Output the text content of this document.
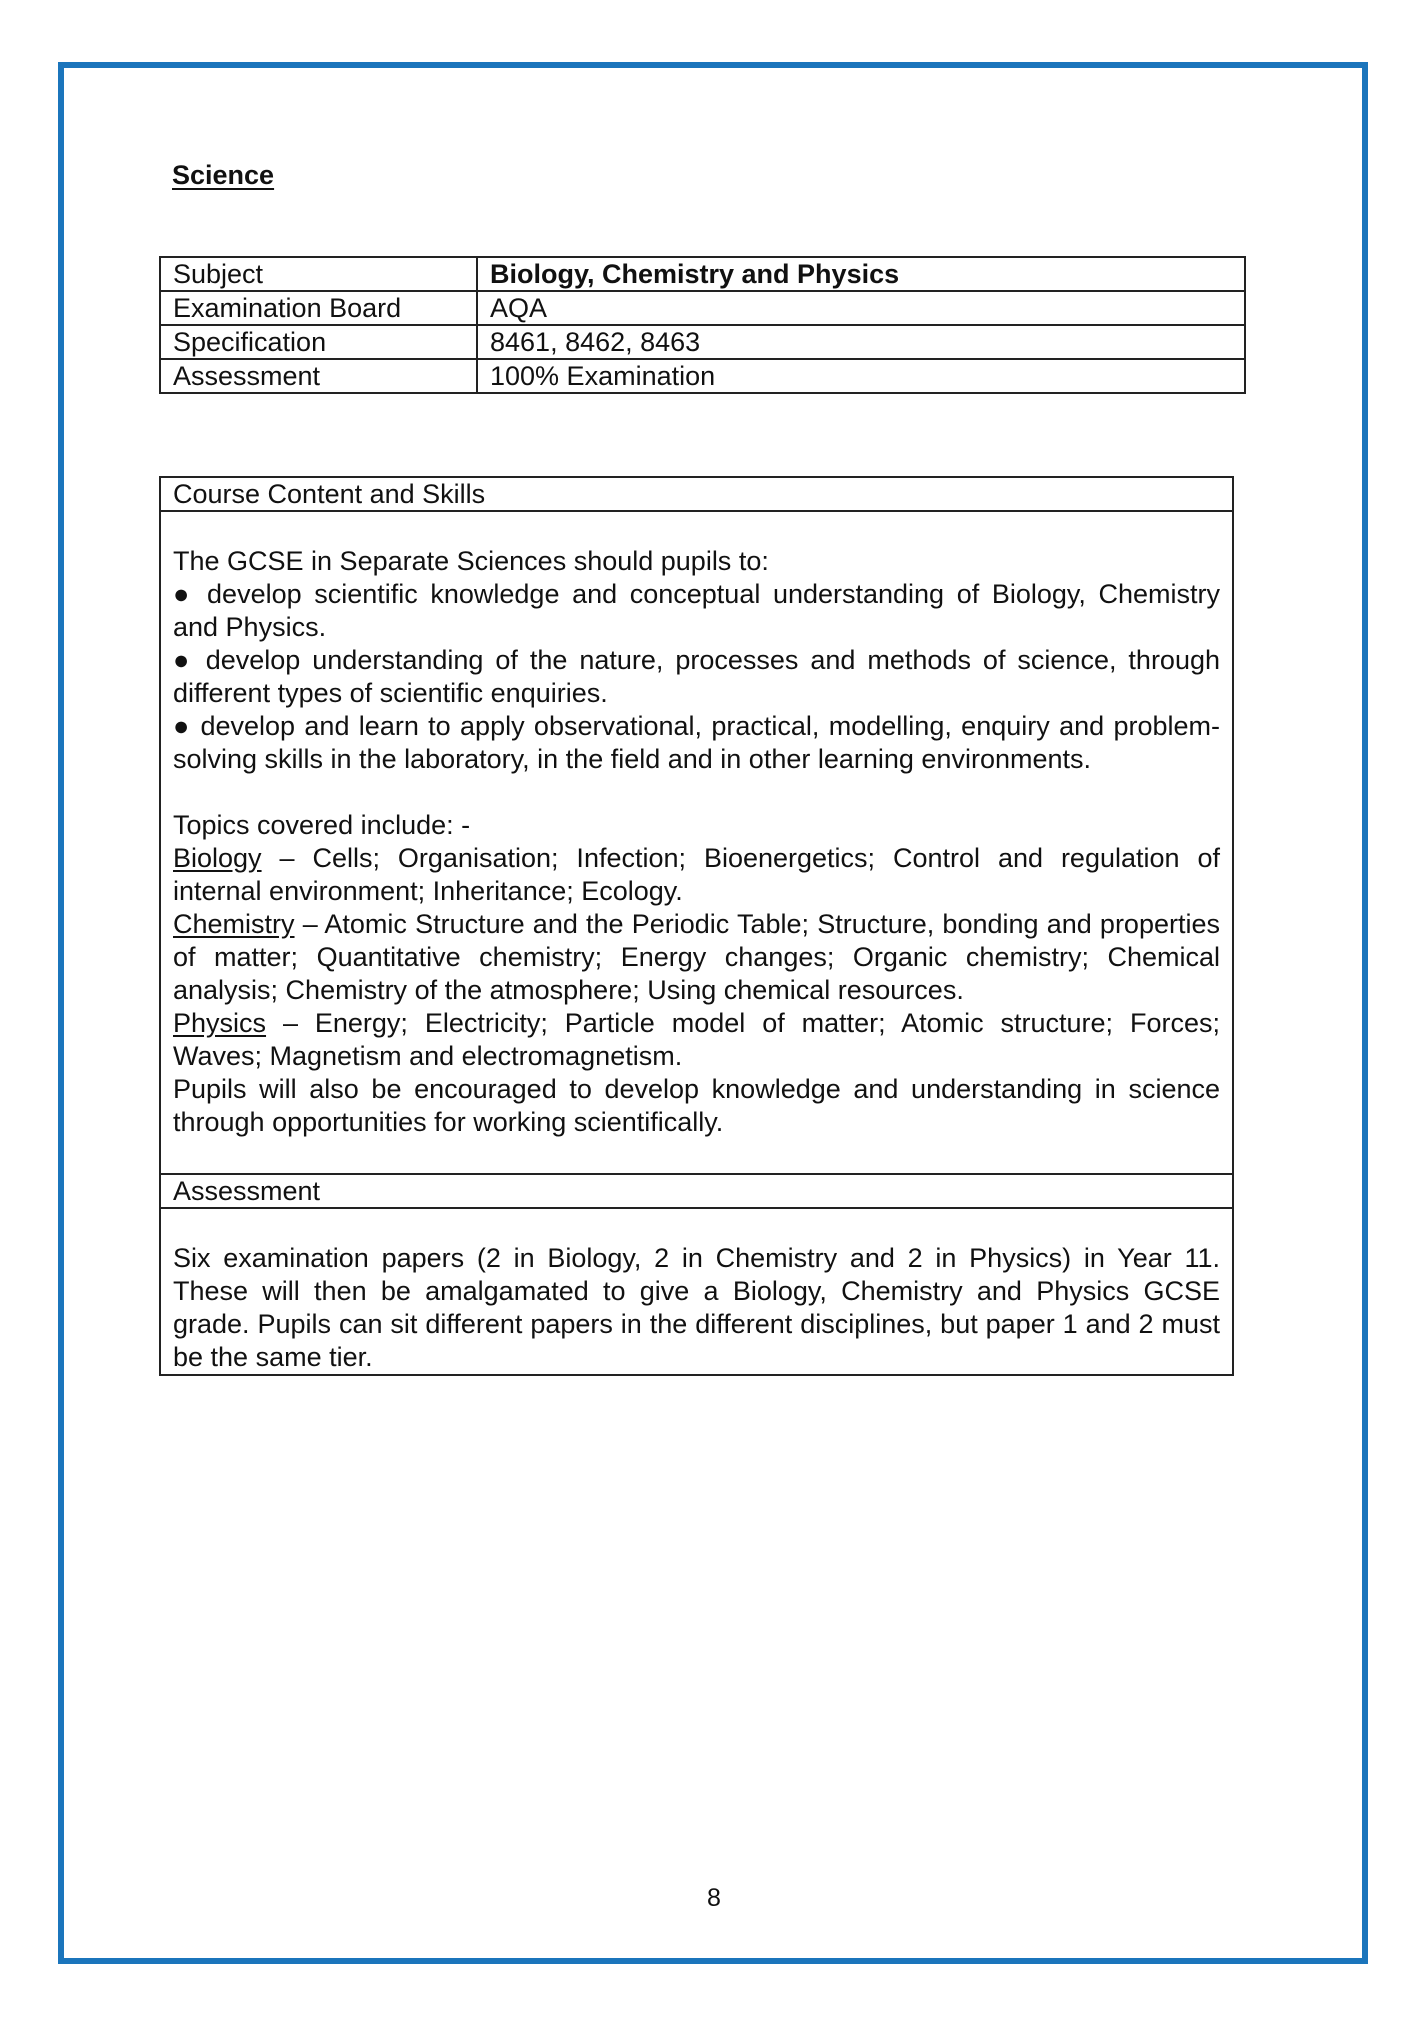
Science
Subject	Biology, Chemistry and Physics
Examination Board	AQA
Specification	8461, 8462, 8463
Assessment	100% Examination
Course Content and Skills

The GCSE in Separate Sciences should pupils to:

● develop scientific knowledge and conceptual understanding of Biology, Chemistry and Physics.

● develop understanding of the nature, processes and methods of science, through different types of scientific enquiries.

● develop and learn to apply observational, practical, modelling, enquiry and problem-solving skills in the laboratory, in the field and in other learning environments.

Topics covered include: -

Biology – Cells; Organisation; Infection; Bioenergetics; Control and regulation of internal environment; Inheritance; Ecology.

Chemistry – Atomic Structure and the Periodic Table; Structure, bonding and properties of matter; Quantitative chemistry; Energy changes; Organic chemistry; Chemical analysis; Chemistry of the atmosphere; Using chemical resources.

Physics – Energy; Electricity; Particle model of matter; Atomic structure; Forces; Waves; Magnetism and electromagnetism.

Pupils will also be encouraged to develop knowledge and understanding in science through opportunities for working scientifically.

Assessment

Six examination papers (2 in Biology, 2 in Chemistry and 2 in Physics) in Year 11. These will then be amalgamated to give a Biology, Chemistry and Physics GCSE grade. Pupils can sit different papers in the different disciplines, but paper 1 and 2 must be the same tier.

8
